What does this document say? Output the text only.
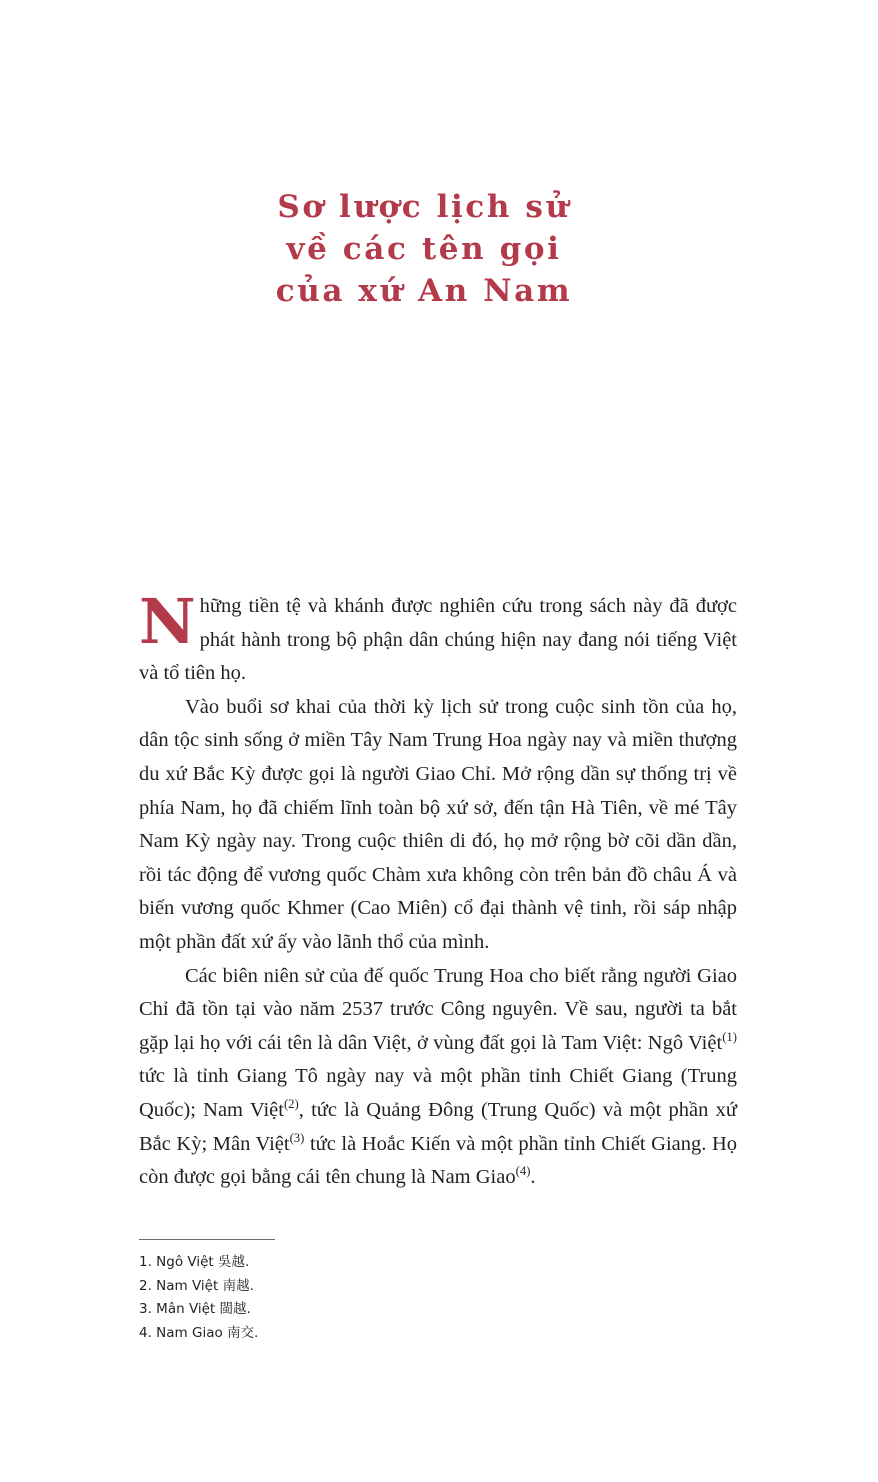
Sơ lược lịch sử
về các tên gọi
của xứ An Nam

Những tiền tệ và khánh được nghiên cứu trong sách này đã được phát hành trong bộ phận dân chúng hiện nay đang nói tiếng Việt và tổ tiên họ.

Vào buổi sơ khai của thời kỳ lịch sử trong cuộc sinh tồn của họ, dân tộc sinh sống ở miền Tây Nam Trung Hoa ngày nay và miền thượng du xứ Bắc Kỳ được gọi là người Giao Chỉ. Mở rộng dần sự thống trị về phía Nam, họ đã chiếm lĩnh toàn bộ xứ sở, đến tận Hà Tiên, về mé Tây Nam Kỳ ngày nay. Trong cuộc thiên di đó, họ mở rộng bờ cõi dần dần, rồi tác động để vương quốc Chàm xưa không còn trên bản đồ châu Á và biến vương quốc Khmer (Cao Miên) cổ đại thành vệ tinh, rồi sáp nhập một phần đất xứ ấy vào lãnh thổ của mình.

Các biên niên sử của đế quốc Trung Hoa cho biết rằng người Giao Chỉ đã tồn tại vào năm 2537 trước Công nguyên. Về sau, người ta bắt gặp lại họ với cái tên là dân Việt, ở vùng đất gọi là Tam Việt: Ngô Việt$^{(1)}$ tức là tỉnh Giang Tô ngày nay và một phần tỉnh Chiết Giang (Trung Quốc); Nam Việt$^{(2)}$, tức là Quảng Đông (Trung Quốc) và một phần xứ Bắc Kỳ; Mân Việt$^{(3)}$ tức là Hoắc Kiến và một phần tỉnh Chiết Giang. Họ còn được gọi bằng cái tên chung là Nam Giao$^{(4)}$.

1. Ngô Việt 吳越.
2. Nam Việt 南越.
3. Mân Việt 閩越.
4. Nam Giao 南交.
